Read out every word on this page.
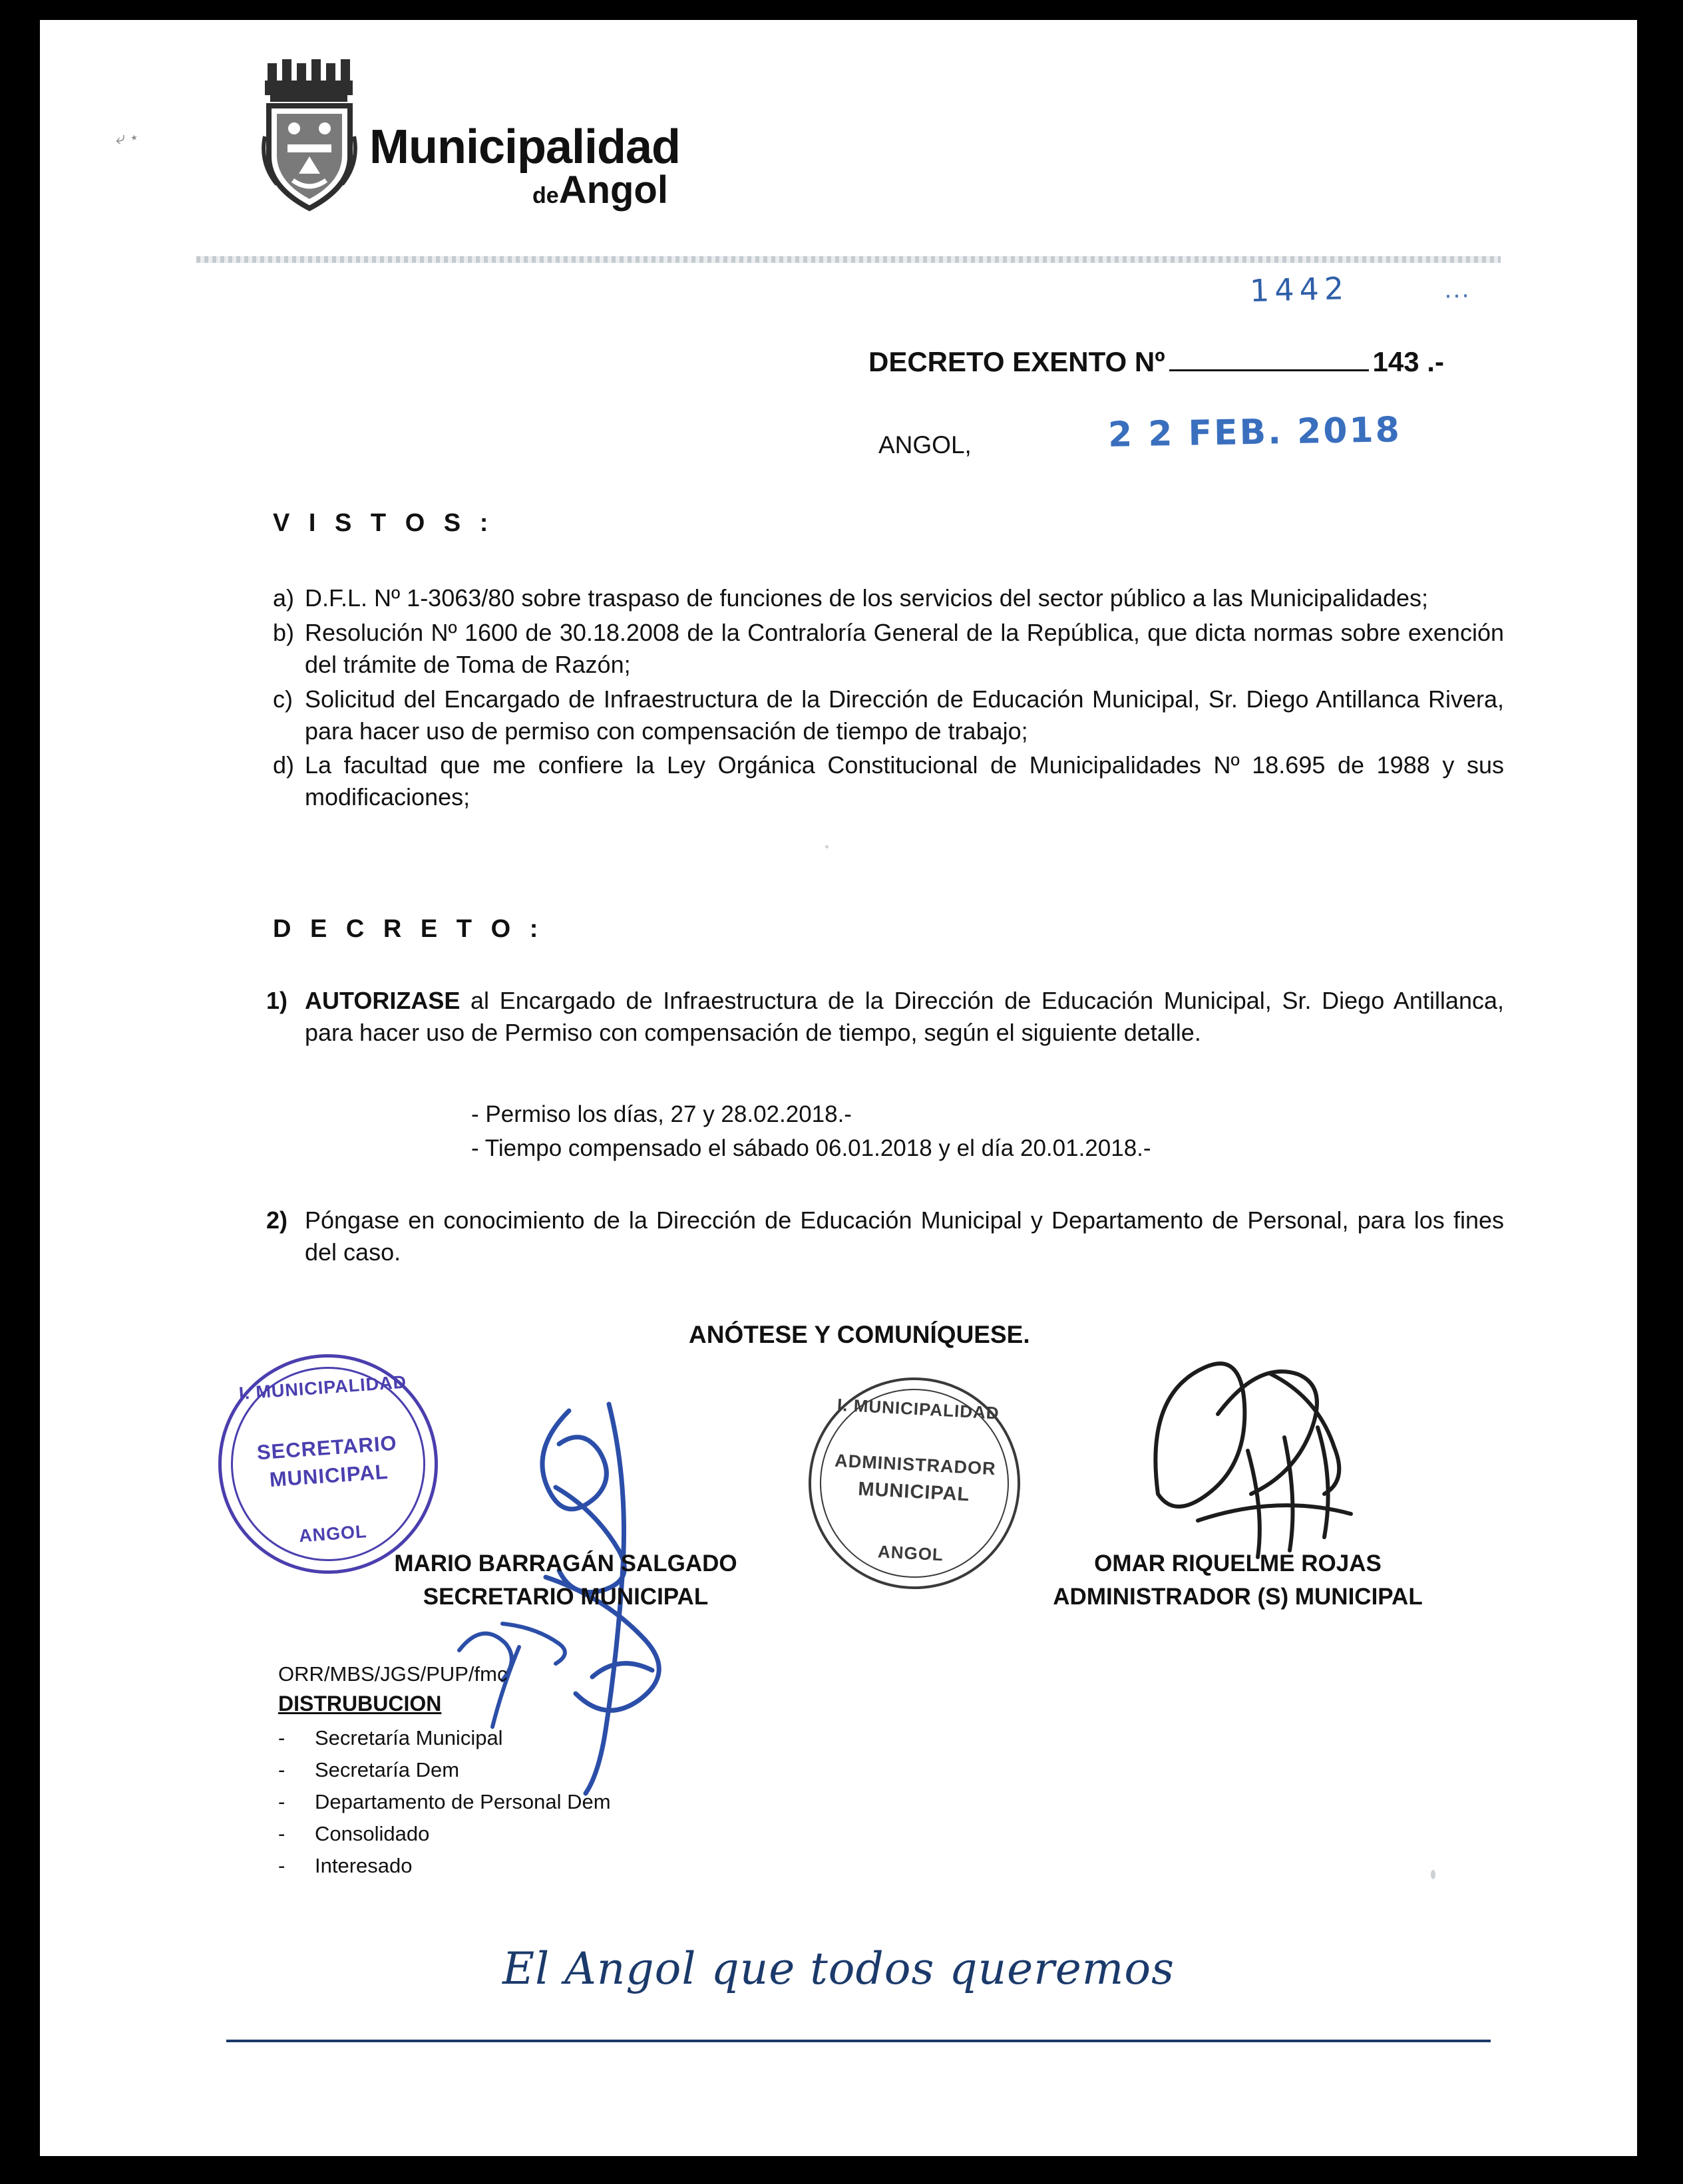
Municipalidad
deAngol
⤶ ⋆
1442	...
DECRETO EXENTO Nº	143 .-
ANGOL,	2 2 FEB. 2018
V I S T O S :
a) D.F.L. Nº 1-3063/80 sobre traspaso de funciones de los servicios del sector público a las Municipalidades;
b) Resolución Nº 1600 de 30.18.2008 de la Contraloría General de la República, que dicta normas sobre exención del trámite de Toma de Razón;
c) Solicitud del Encargado de Infraestructura de la Dirección de Educación Municipal, Sr. Diego Antillanca Rivera, para hacer uso de permiso con compensación de tiempo de trabajo;
d) La facultad que me confiere la Ley Orgánica Constitucional de Municipalidades Nº 18.695 de 1988 y sus modificaciones;
D E C R E T O :
1) AUTORIZASE al Encargado de Infraestructura de la Dirección de Educación Municipal, Sr. Diego Antillanca, para hacer uso de Permiso con compensación de tiempo, según el siguiente detalle.
- Permiso los días, 27 y 28.02.2018.-
- Tiempo compensado el sábado 06.01.2018 y el día 20.01.2018.-
2) Póngase en conocimiento de la Dirección de Educación Municipal y Departamento de Personal, para los fines del caso.
ANÓTESE Y COMUNÍQUESE.
I. MUNICIPALIDAD
SECRETARIO
MUNICIPAL
ANGOL
I. MUNICIPALIDAD
ADMINISTRADOR
MUNICIPAL
ANGOL
MARIO BARRAGÁN SALGADO
SECRETARIO MUNICIPAL
OMAR RIQUELME ROJAS
ADMINISTRADOR (S) MUNICIPAL
ORR/MBS/JGS/PUP/fmc
DISTRUBUCION
-	Secretaría Municipal
-	Secretaría Dem
-	Departamento de Personal Dem
-	Consolidado
-	Interesado
El Angol que todos queremos
